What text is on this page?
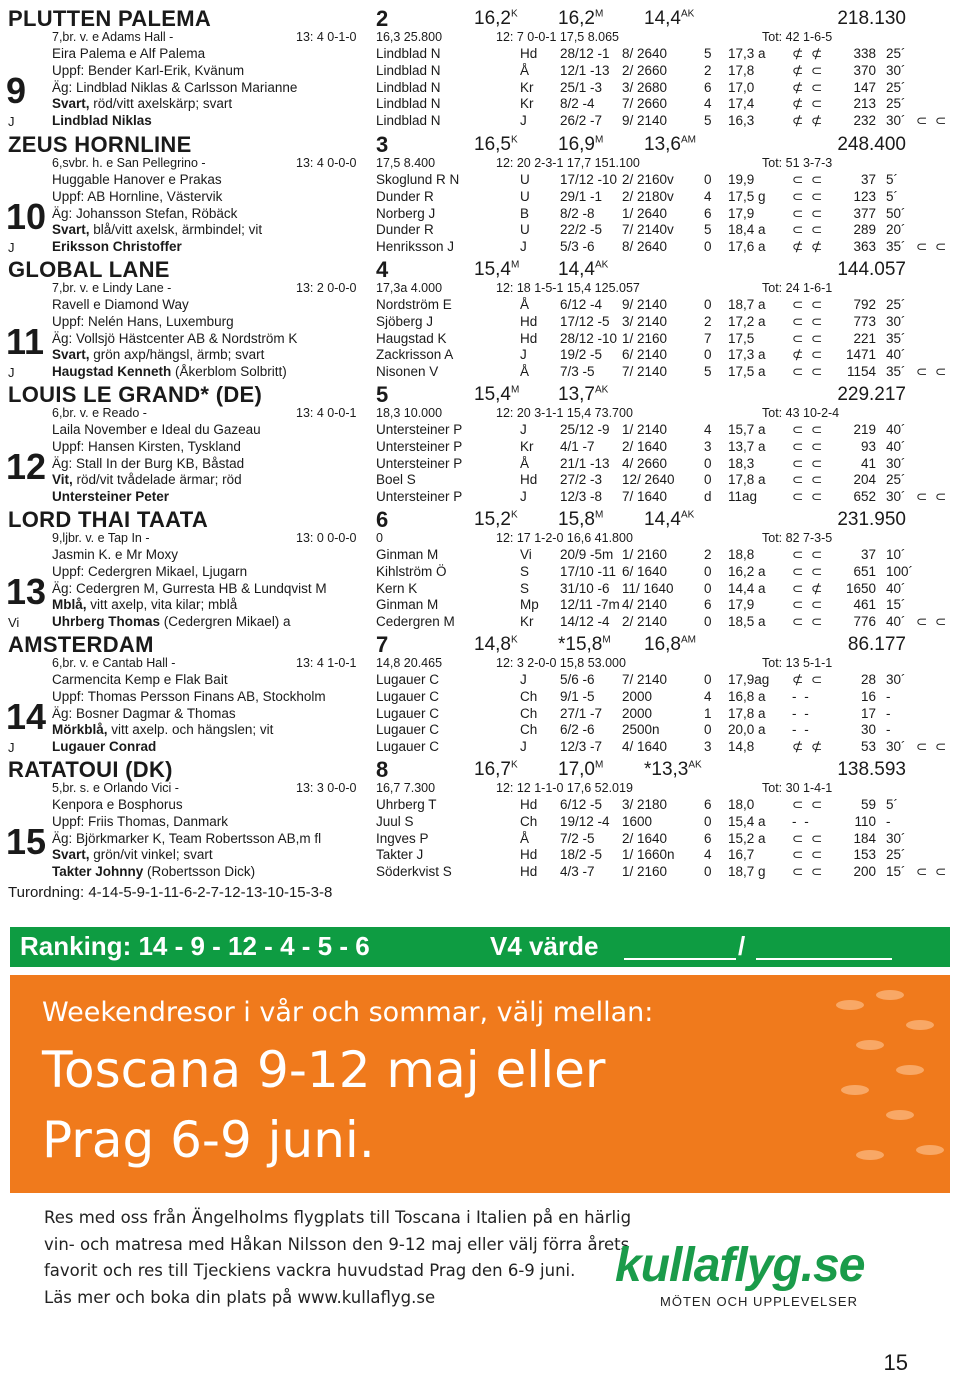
PLUTTEN PALEMA	2	$16,2^K$ $16,2^M$ $14,4^{AK}$	218.130
7,br. v. e Adams Hall -	13: 4 0-1-0 16,3 25.800	12: 7 0-0-1 17,5 8.065	Tot: 42 1-6-5
9
J
Eira Palema e Alf Palema	Lindblad N	Hd 28/12 -1 8/ 2640	5 17,3 a ⊄ ⊄	338 25´
Uppf: Bender Karl-Erik, Kvänum	Lindblad N	Å 12/1 -13 2/ 2660	2 17,8	⊄ ⊂	370 30´
Äg: Lindblad Niklas & Carlsson Marianne	Lindblad N	Kr 25/1 -3 3/ 2680	6 17,0	⊄ ⊂	147 25´
Svart, röd/vitt axelskärp; svart	Lindblad N	Kr 8/2 -4 7/ 2660	4 17,4	⊄ ⊂	213 25´
Lindblad Niklas	Lindblad N	J 26/2 -7 9/ 2140	5 16,3	⊄ ⊄	232 30´ ⊂ ⊂
ZEUS HORNLINE	3	$16,5^K$ $16,9^M$ $13,6^{AM}$	248.400
6,svbr. h. e San Pellegrino -	13: 4 0-0-0 17,5 8.400	12: 20 2-3-1 17,7 151.100	Tot: 51 3-7-3
10
J
Huggable Hanover e Prakas	Skoglund R N	U 17/12 -10 2/ 2160v 0 19,9	⊂ ⊂	37 5´
Uppf: AB Hornline, Västervik	Dunder R	U 29/1 -1 2/ 2180v 4 17,5 g ⊂ ⊂	123 5´
Äg: Johansson Stefan, Röbäck	Norberg J	B 8/2 -8 1/ 2640	6 17,9	⊂ ⊂	377 50´
Svart, blå/vitt axelsk, ärmbindel; vit	Dunder R	U 22/2 -5 7/ 2140v 5 18,4 a ⊂ ⊂	289 20´
Eriksson Christoffer	Henriksson J	J 5/3 -6 8/ 2640	0 17,6 a ⊄ ⊄	363 35´ ⊂ ⊂
GLOBAL LANE	4	$15,4^M$ $14,4^{AK}$	144.057
7,br. v. e Lindy Lane -	13: 2 0-0-0 17,3a 4.000	12: 18 1-5-1 15,4 125.057	Tot: 24 1-6-1
11
J
Ravell e Diamond Way	Nordström E	Å 6/12 -4 9/ 2140	0 18,7 a ⊂ ⊂	792 25´
Uppf: Nelén Hans, Luxemburg	Sjöberg J	Hd 17/12 -5 3/ 2140	2 17,2 a ⊂ ⊂	773 30´
Äg: Vollsjö Hästcenter AB & Nordström K	Haugstad K	Hd 28/12 -10 1/ 2160	7 17,5	⊂ ⊂	221 35´
Svart, grön axp/hängsl, ärmb; svart	Zackrisson A	J 19/2 -5 6/ 2140	0 17,3 a ⊄ ⊂	1471 40´
Haugstad Kenneth (Åkerblom Solbritt)	Nisonen V	Å 7/3 -5 7/ 2140	5 17,5 a ⊂ ⊂	1154 35´ ⊂ ⊂
LOUIS LE GRAND* (DE)	5	$15,4^M$ $13,7^{AK}$	229.217
6,br. v. e Reado -	13: 4 0-0-1 18,3 10.000	12: 20 3-1-1 15,4 73.700	Tot: 43 10-2-4
12
Laila November e Ideal du Gazeau	Untersteiner P	J 25/12 -9 1/ 2140	4 15,7 a ⊂ ⊂	219 40´
Uppf: Hansen Kirsten, Tyskland	Untersteiner P	Kr 4/1 -7 2/ 1640	3 13,7 a ⊂ ⊂	93 40´
Äg: Stall In der Burg KB, Båstad	Untersteiner P	Å 21/1 -13 4/ 2660	0 18,3	⊂ ⊂	41 30´
Vit, röd/vit tvådelade ärmar; röd	Boel S	Hd 27/2 -3 12/ 2640 0 17,8 a ⊂ ⊂	204 25´
Untersteiner Peter	Untersteiner P	J 12/3 -8 7/ 1640	d 11ag	⊂ ⊂	652 30´ ⊂ ⊂
LORD THAI TAATA	6	$15,2^K$ $15,8^M$ $14,4^{AK}$	231.950
9,ljbr. v. e Tap In -	13: 0 0-0-0 0	12: 17 1-2-0 16,6 41.800	Tot: 82 7-3-5
13
Vi
Jasmin K. e Mr Moxy	Ginman M	Vi 20/9 -5m 1/ 2160	2 18,8	⊂ ⊂	37 10´
Uppf: Cedergren Mikael, Ljugarn	Kihlström Ö	S 17/10 -11 6/ 1640	0 16,2 a ⊂ ⊂	651 100´
Äg: Cedergren M, Gurresta HB & Lundqvist M	Kern K	S 31/10 -6 11/ 1640 0 14,4 a ⊂ ⊄	1650 40´
Mblå, vitt axelp, vita kilar; mblå	Ginman M	Mp 12/11 -7m 4/ 2140	6 17,9	⊂ ⊂	461 15´
Uhrberg Thomas (Cedergren Mikael) a	Cedergren M	Kr 14/12 -4 2/ 2140	0 18,5 a ⊂ ⊂	776 40´ ⊂ ⊂
AMSTERDAM	7	$14,8^K$ $*15,8^M$ $16,8^{AM}$	86.177
6,br. v. e Cantab Hall -	13: 4 1-0-1 14,8 20.465	12: 3 2-0-0 15,8 53.000	Tot: 13 5-1-1
14
J
Carmencita Kemp e Flak Bait	Lugauer C	J 5/6 -6 7/ 2140	0 17,9ag ⊄ ⊂	28 30´
Uppf: Thomas Persson Finans AB, Stockholm	Lugauer C	Ch 9/1 -5 2000	4 16,8 a - -	16 -
Äg: Bosner Dagmar & Thomas	Lugauer C	Ch 27/1 -7 2000	1 17,8 a - -	17 -
Mörkblå, vitt axelp. och hängslen; vit	Lugauer C	Ch 6/2 -6 2500n	0 20,0 a - -	30 -
Lugauer Conrad	Lugauer C	J 12/3 -7 4/ 1640	3 14,8	⊄ ⊄	53 30´ ⊂ ⊂
RATATOUI (DK)	8	$16,7^K$ $17,0^M$ $*13,3^{AK}$	138.593
5,br. s. e Orlando Vici -	13: 3 0-0-0 16,7 7.300	12: 12 1-1-0 17,6 52.019	Tot: 30 1-4-1
15
Kenpora e Bosphorus	Uhrberg T	Hd 6/12 -5 3/ 2180	6 18,0	⊂ ⊂	59 5´
Uppf: Friis Thomas, Danmark	Juul S	Ch 19/12 -4 1600	0 15,4 a - -	110 -
Äg: Björkmarker K, Team Robertsson AB,m fl	Ingves P	Å 7/2 -5 2/ 1640	6 15,2 a ⊂ ⊂	184 30´
Svart, grön/vit vinkel; svart	Takter J	Hd 18/2 -5 1/ 1660n 4 16,7	⊂ ⊂	153 25´
Takter Johnny (Robertsson Dick)	Söderkvist S	Hd 4/3 -7 1/ 2160	0 18,7 g ⊂ ⊂	200 15´ ⊂ ⊂
Turordning: 4-14-5-9-1-11-6-2-7-12-13-10-15-3-8
Ranking: 14 - 9 - 12 - 4 - 5 - 6	V4 värde	/
Weekendresor i vår och sommar, välj mellan:
Toscana 9-12 maj eller
Prag 6-9 juni.
Res med oss från Ängelholms flygplats till Toscana i Italien på en härlig
vin- och matresa med Håkan Nilsson den 9-12 maj eller välj förra årets
favorit och res till Tjeckiens vackra huvudstad Prag den 6-9 juni.
Läs mer och boka din plats på www.kullaflyg.se
kullaflyg.se
MÖTEN OCH UPPLEVELSER
15
